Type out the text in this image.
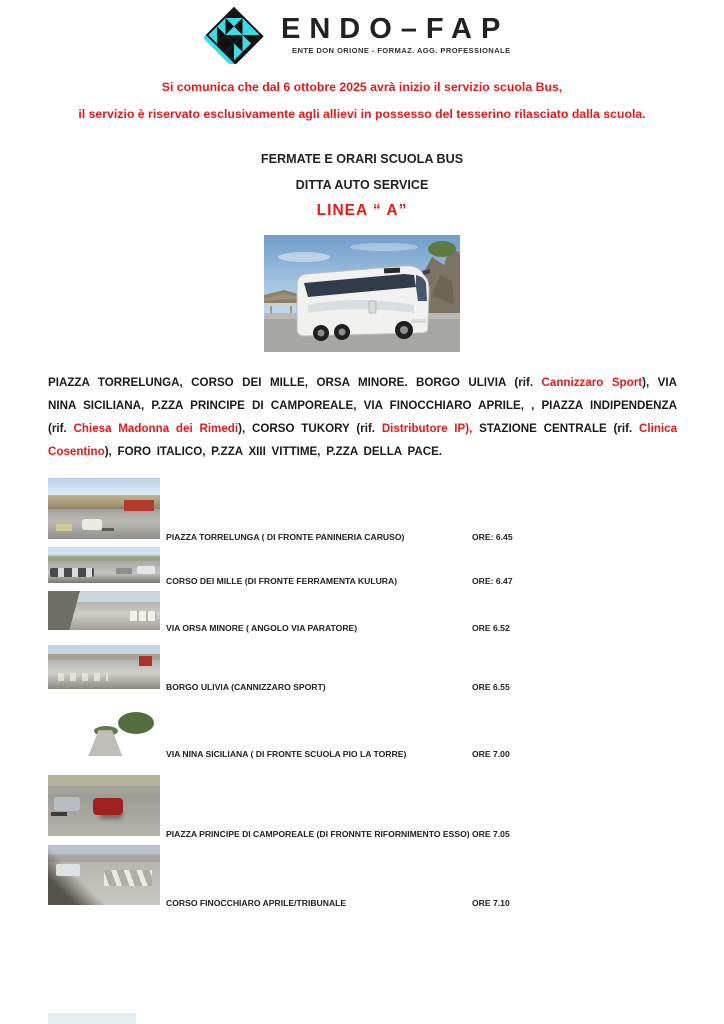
ENDO–FAP
ENTE DON ORIONE - FORMAZ. AGG. PROFESSIONALE
Si comunica che dal 6 ottobre 2025 avrà inizio il servizio scuola Bus,
il servizio è riservato esclusivamente agli allievi in possesso del tesserino rilasciato dalla scuola.
FERMATE E ORARI SCUOLA BUS
DITTA AUTO SERVICE
LINEA “ A”
PIAZZA TORRELUNGA, CORSO DEI MILLE, ORSA MINORE. BORGO ULIVIA (rif. Cannizzaro Sport), VIA NINA SICILIANA, P.ZZA PRINCIPE DI CAMPOREALE, VIA FINOCCHIARO APRILE, , PIAZZA INDIPENDENZA (rif. Chiesa Madonna dei Rimedi), CORSO TUKORY (rif. Distributore IP), STAZIONE CENTRALE (rif. Clinica Cosentino), FORO ITALICO, P.ZZA XIII VITTIME, P.ZZA DELLA PACE.
PIAZZA TORRELUNGA ( DI FRONTE PANINERIA CARUSO)	ORE: 6.45
CORSO DEI MILLE (DI FRONTE FERRAMENTA KULURA)	ORE: 6.47
VIA ORSA MINORE ( ANGOLO VIA PARATORE)	ORE 6.52
BORGO ULIVIA (CANNIZZARO SPORT)	ORE 6.55
VIA NINA SICILIANA ( DI FRONTE SCUOLA PIO LA TORRE)	ORE 7.00
PIAZZA PRINCIPE DI CAMPOREALE (DI FRONNTE RIFORNIMENTO ESSO) ORE 7.05
CORSO FINOCCHIARO APRILE/TRIBUNALE	ORE 7.10
